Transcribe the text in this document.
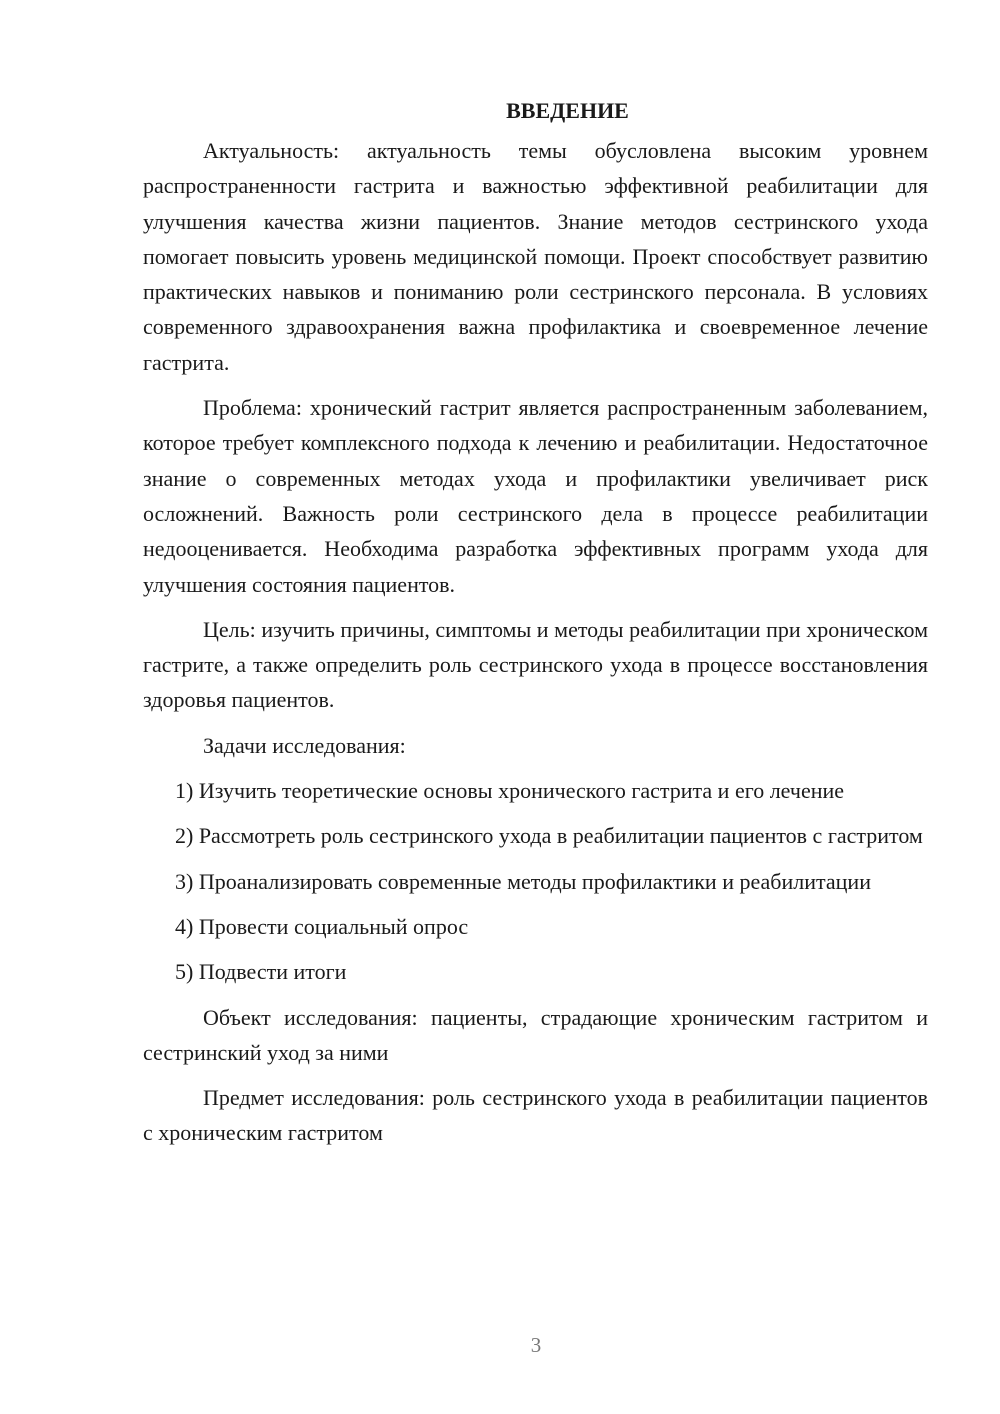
ВВЕДЕНИЕ

Актуальность: актуальность темы обусловлена высоким уровнем распространенности гастрита и важностью эффективной реабилитации для улучшения качества жизни пациентов. Знание методов сестринского ухода помогает повысить уровень медицинской помощи. Проект способствует развитию практических навыков и пониманию роли сестринского персонала. В условиях современного здравоохранения важна профилактика и своевременное лечение гастрита.

Проблема: хронический гастрит является распространенным заболеванием, которое требует комплексного подхода к лечению и реабилитации. Недостаточное знание о современных методах ухода и профилактики увеличивает риск осложнений. Важность роли сестринского дела в процессе реабилитации недооценивается. Необходима разработка эффективных программ ухода для улучшения состояния пациентов.

Цель: изучить причины, симптомы и методы реабилитации при хроническом гастрите, а также определить роль сестринского ухода в процессе восстановления здоровья пациентов.

Задачи исследования:

1) Изучить теоретические основы хронического гастрита и его лечение

2) Рассмотреть роль сестринского ухода в реабилитации пациентов с гастритом

3) Проанализировать современные методы профилактики и реабилитации

4) Провести социальный опрос

5) Подвести итоги

Объект исследования: пациенты, страдающие хроническим гастритом и сестринский уход за ними

Предмет исследования: роль сестринского ухода в реабилитации пациентов с хроническим гастритом

3
